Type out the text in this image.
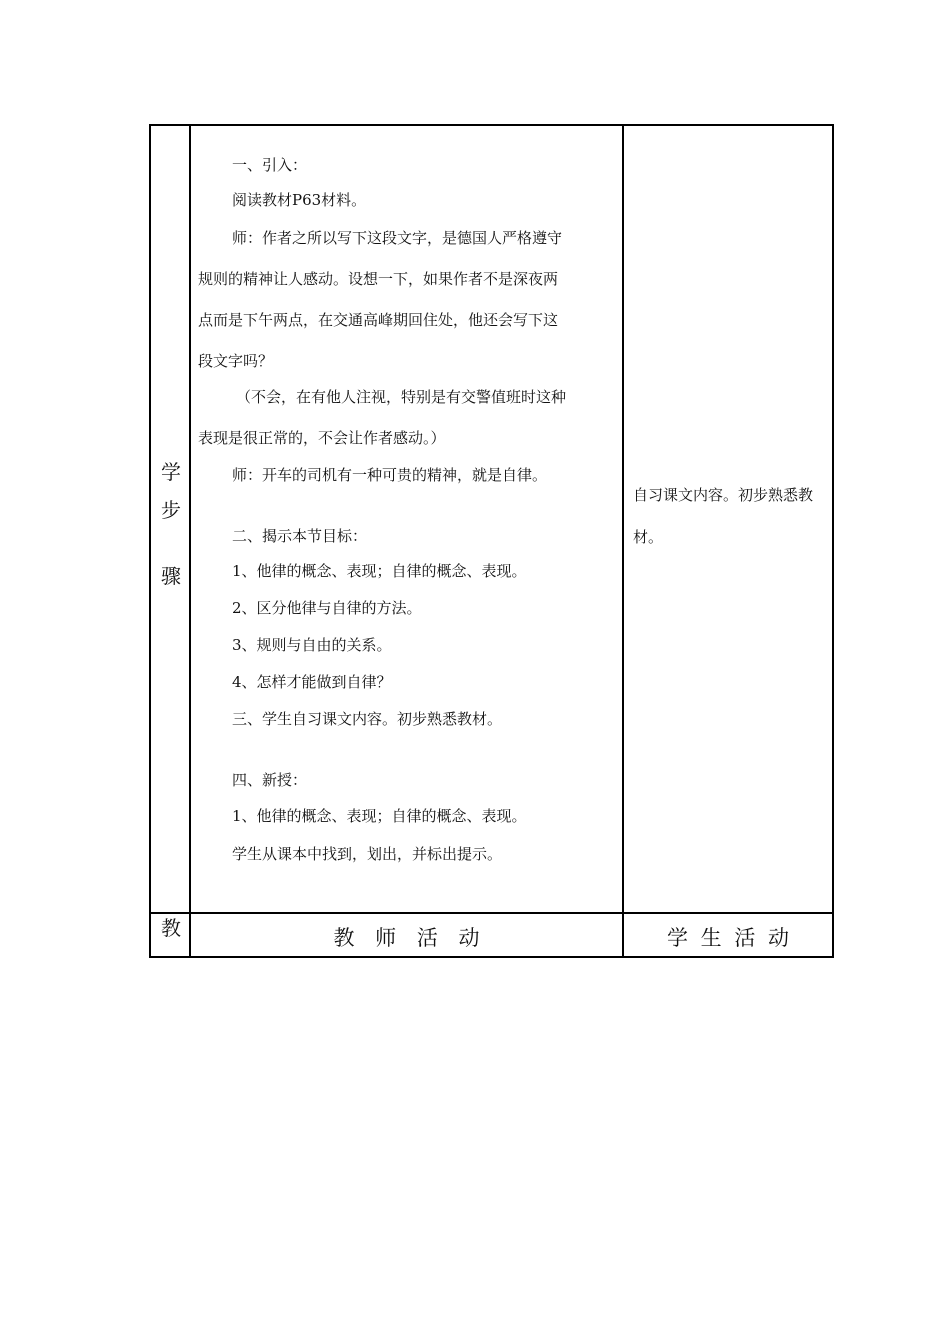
学
步
骤
教
一、引入：
阅读教材P63材料。
师：作者之所以写下这段文字，是德国人严格遵守
规则的精神让人感动。设想一下，如果作者不是深夜两
点而是下午两点，在交通高峰期回住处，他还会写下这
段文字吗？
（不会，在有他人注视，特别是有交警值班时这种
表现是很正常的，不会让作者感动。）
师：开车的司机有一种可贵的精神，就是自律。
二、揭示本节目标：
1、他律的概念、表现；自律的概念、表现。
2、区分他律与自律的方法。
3、规则与自由的关系。
4、怎样才能做到自律？
三、学生自习课文内容。初步熟悉教材。
四、新授：
1、他律的概念、表现；自律的概念、表现。
学生从课本中找到，划出，并标出提示。
自习课文内容。初步熟悉教材。
教 师 活 动	学 生 活 动
